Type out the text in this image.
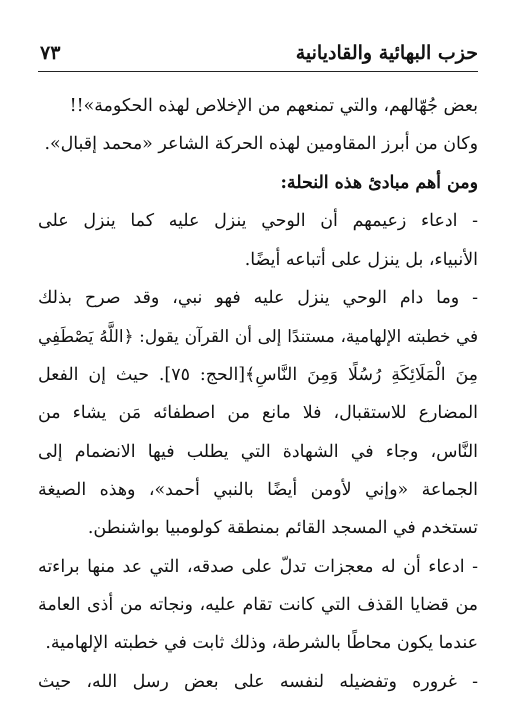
حزب البهائية والقاديانية
٧٣
بعض جُهّالهم، والتي تمنعهم من الإخلاص لهذه الحكومة»!!
وكان من أبرز المقاومين لهذه الحركة الشاعر «محمد إقبال».
ومن أهم مبادئ هذه النحلة:
- ادعاء زعيمهم أن الوحي ينزل عليه كما ينزل على
الأنبياء، بل ينزل على أتباعه أيضًا.
- وما دام الوحي ينزل عليه فهو نبي، وقد صرح بذلك
في خطبته الإلهامية، مستندًا إلى أن القرآن يقول: ﴿اللَّهُ يَصْطَفِي
مِنَ الْمَلَائِكَةِ رُسُلًا وَمِنَ النَّاسِ﴾[الحج: ٧٥]. حيث إن الفعل
المضارع للاستقبال، فلا مانع من اصطفائه مَن يشاء من
النَّاس، وجاء في الشهادة التي يطلب فيها الانضمام إلى
الجماعة «وإني لأومن أيضًا بالنبي أحمد»، وهذه الصيغة
تستخدم في المسجد القائم بمنطقة كولومبيا بواشنطن.
- ادعاء أن له معجزات تدلّ على صدقه، التي عد منها براءته
من قضايا القذف التي كانت تقام عليه، ونجاته من أذى العامة
عندما يكون محاطًا بالشرطة، وذلك ثابت في خطبته الإلهامية.
- غروره وتفضيله لنفسه على بعض رسل الله، حيث
